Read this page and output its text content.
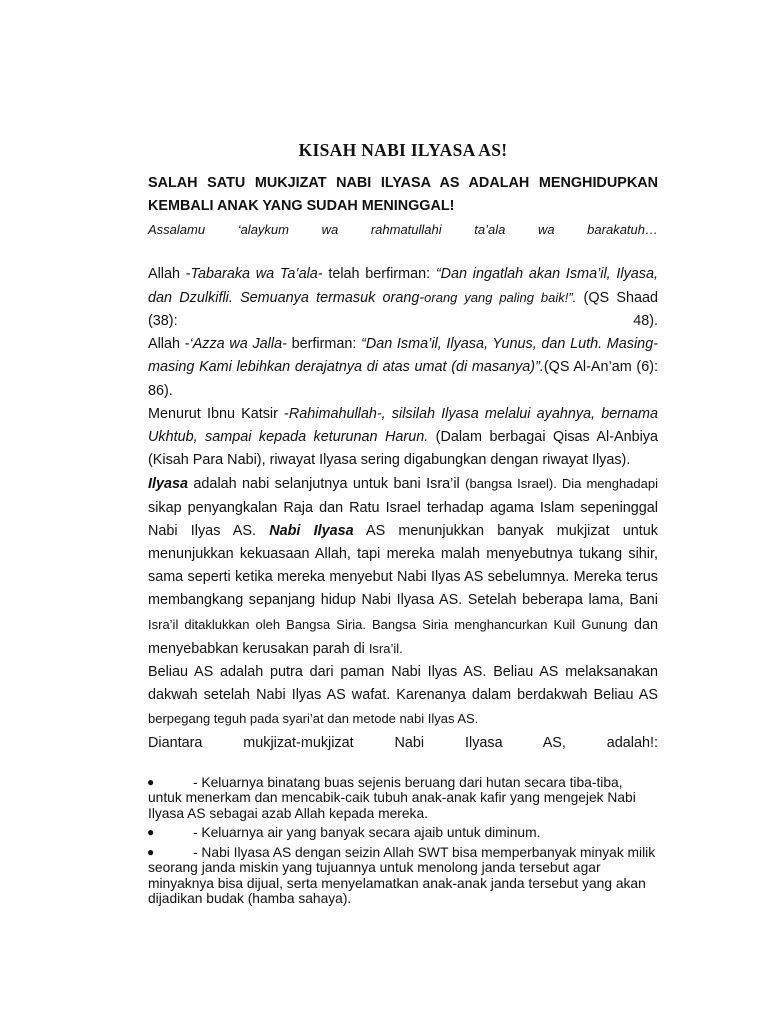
KISAH NABI ILYASA AS!

SALAH SATU MUKJIZAT NABI ILYASA AS ADALAH MENGHIDUPKAN KEMBALI ANAK YANG SUDAH MENINGGAL!

Assalamu ‘alaykum wa rahmatullahi ta’ala wa barakatuh…

Allah -Tabaraka wa Ta’ala- telah berfirman: “Dan ingatlah akan Isma’il, Ilyasa, dan Dzulkifli. Semuanya termasuk orang-orang yang paling baik!”. (QS Shaad (38): 48).

Allah -‘Azza wa Jalla- berfirman: “Dan Isma’il, Ilyasa, Yunus, dan Luth. Masing-masing Kami lebihkan derajatnya di atas umat (di masanya)”.(QS Al-An’am (6): 86).

Menurut Ibnu Katsir -Rahimahullah-, silsilah Ilyasa melalui ayahnya, bernama Ukhtub, sampai kepada keturunan Harun. (Dalam berbagai Qisas Al-Anbiya (Kisah Para Nabi), riwayat Ilyasa sering digabungkan dengan riwayat Ilyas).

Ilyasa adalah nabi selanjutnya untuk bani Isra’il (bangsa Israel). Dia menghadapi sikap penyangkalan Raja dan Ratu Israel terhadap agama Islam sepeninggal Nabi Ilyas AS. Nabi Ilyasa AS menunjukkan banyak mukjizat untuk menunjukkan kekuasaan Allah, tapi mereka malah menyebutnya tukang sihir, sama seperti ketika mereka menyebut Nabi Ilyas AS sebelumnya. Mereka terus membangkang sepanjang hidup Nabi Ilyasa AS. Setelah beberapa lama, Bani Isra’il ditaklukkan oleh Bangsa Siria. Bangsa Siria menghancurkan Kuil Gunung dan menyebabkan kerusakan parah di Isra’il.

Beliau AS adalah putra dari paman Nabi Ilyas AS. Beliau AS melaksanakan dakwah setelah Nabi Ilyas AS wafat. Karenanya dalam berdakwah Beliau AS berpegang teguh pada syari’at dan metode nabi Ilyas AS.

Diantara mukjizat-mukjizat Nabi Ilyasa AS, adalah!:

●	- Keluarnya binatang buas sejenis beruang dari hutan secara tiba-tiba, untuk menerkam dan mencabik-caik tubuh anak-anak kafir yang mengejek Nabi Ilyasa AS sebagai azab Allah kepada mereka.
●	- Keluarnya air yang banyak secara ajaib untuk diminum.
●	- Nabi Ilyasa AS dengan seizin Allah SWT bisa memperbanyak minyak milik seorang janda miskin yang tujuannya untuk menolong janda tersebut agar minyaknya bisa dijual, serta menyelamatkan anak-anak janda tersebut yang akan dijadikan budak (hamba sahaya).
